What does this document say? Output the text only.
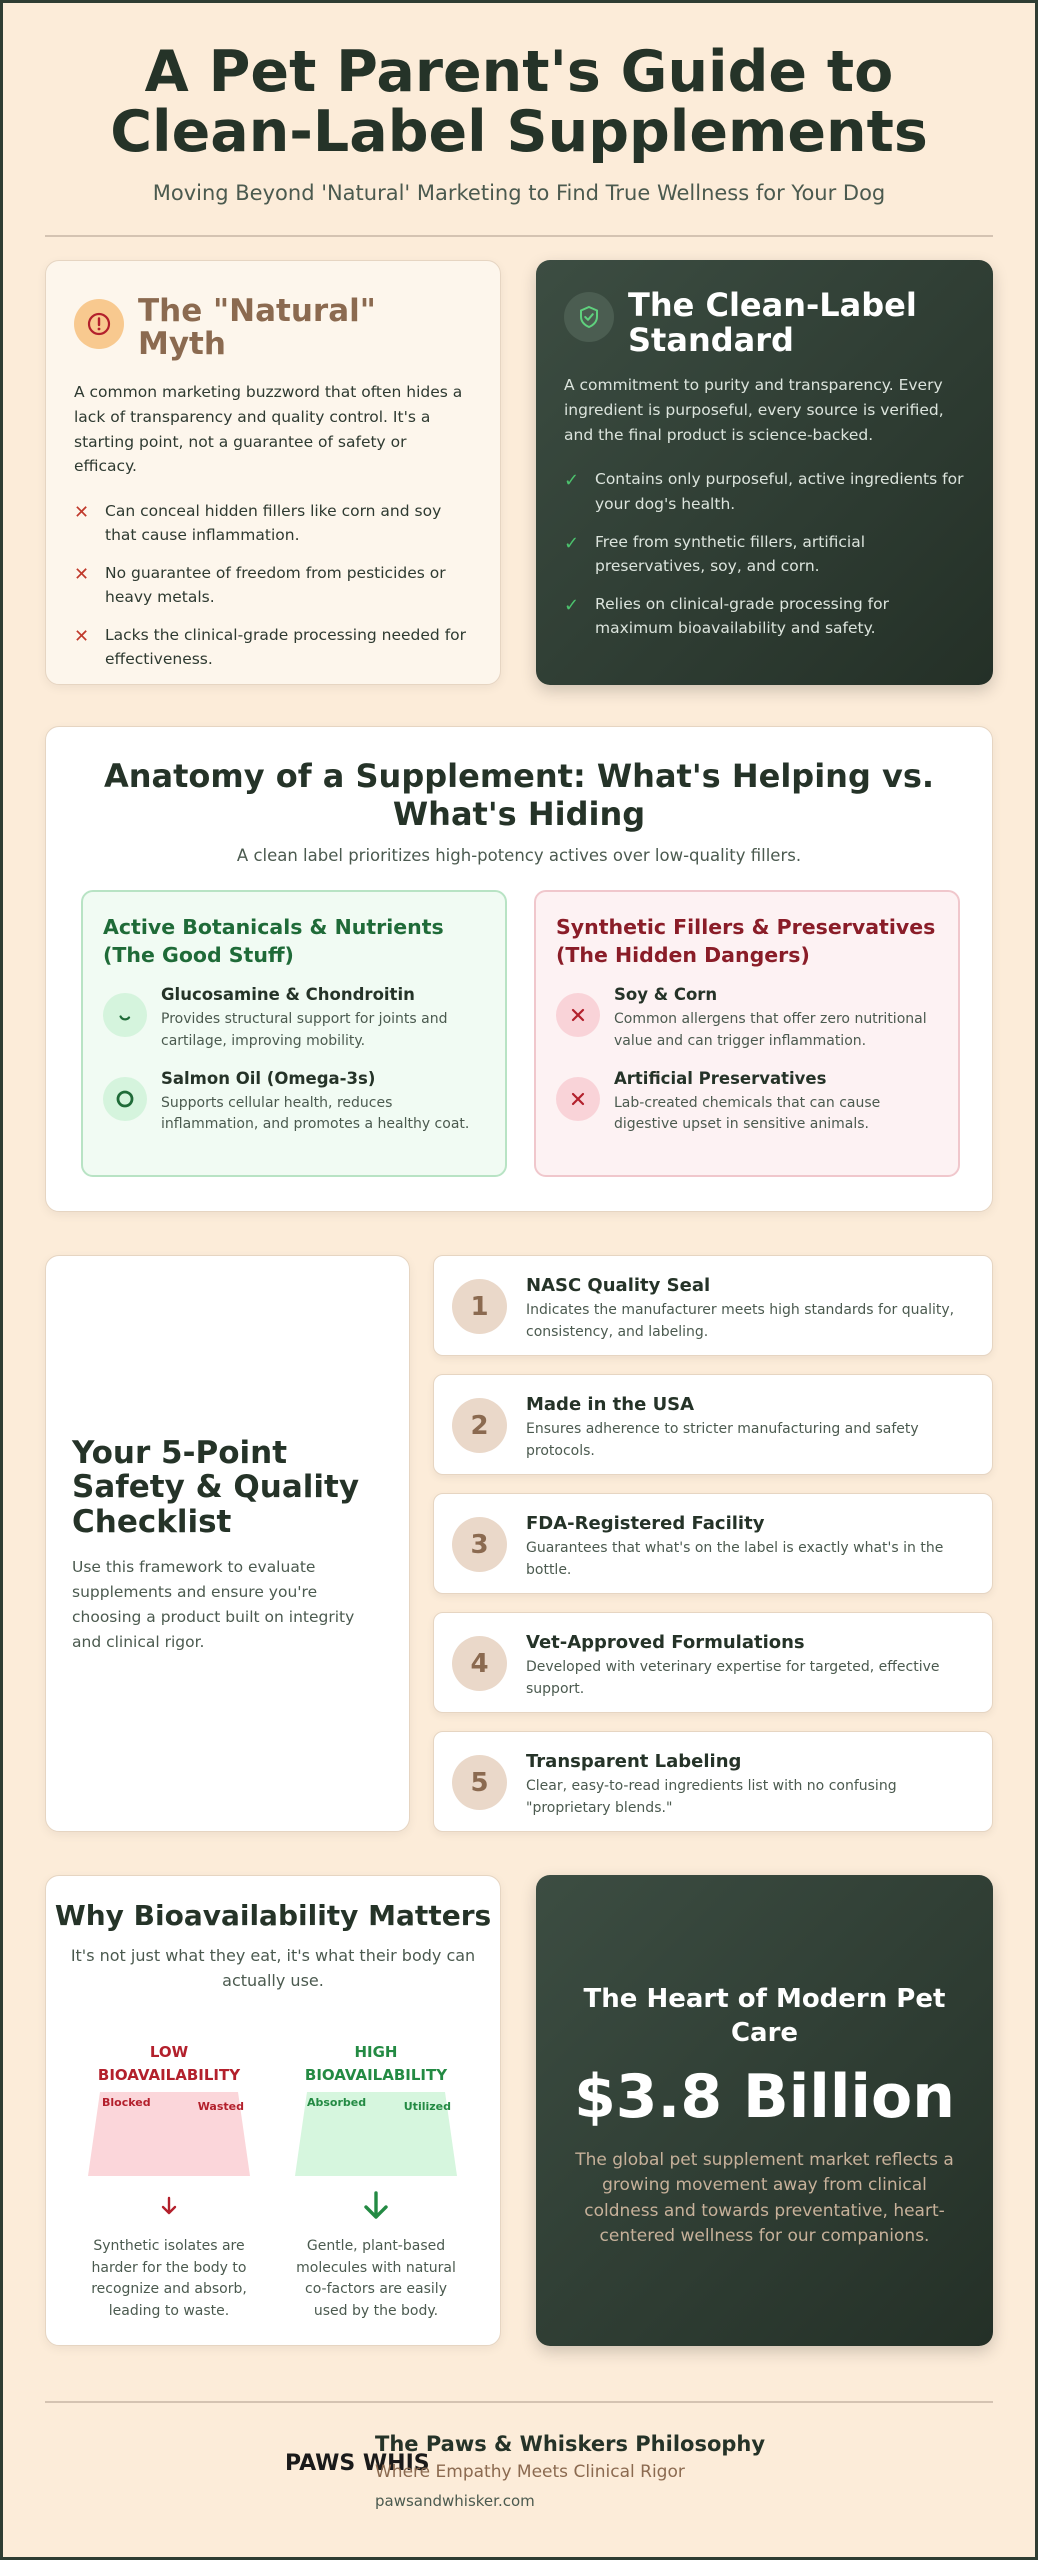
A Pet Parent's Guide to Clean-Label Supplements
Moving Beyond 'Natural' Marketing to Find True Wellness for Your Dog
The "Natural" Myth

A common marketing buzzword that often hides a lack of transparency and quality control. It's a starting point, not a guarantee of safety or efficacy.

✕	Can conceal hidden fillers like corn and soy that cause inflammation.
✕	No guarantee of freedom from pesticides or heavy metals.
✕	Lacks the clinical-grade processing needed for effectiveness.
The Clean-Label Standard

A commitment to purity and transparency. Every ingredient is purposeful, every source is verified, and the final product is science-backed.

✓	Contains only purposeful, active ingredients for your dog's health.
✓	Free from synthetic fillers, artificial preservatives, soy, and corn.
✓	Relies on clinical-grade processing for maximum bioavailability and safety.
Anatomy of a Supplement: What's Helping vs. What's Hiding
A clean label prioritizes high-potency actives over low-quality fillers.
Active Botanicals & Nutrients (The Good Stuff)
Glucosamine & Chondroitin
Provides structural support for joints and cartilage, improving mobility.
Salmon Oil (Omega-3s)
Supports cellular health, reduces inflammation, and promotes a healthy coat.
Synthetic Fillers & Preservatives (The Hidden Dangers)
Soy & Corn
Common allergens that offer zero nutritional value and can trigger inflammation.
Artificial Preservatives
Lab-created chemicals that can cause digestive upset in sensitive animals.
Your 5-Point Safety & Quality Checklist

Use this framework to evaluate supplements and ensure you're choosing a product built on integrity and clinical rigor.

1
NASC Quality Seal
Indicates the manufacturer meets high standards for quality, consistency, and labeling.
2
Made in the USA
Ensures adherence to stricter manufacturing and safety protocols.
3
FDA-Registered Facility
Guarantees that what's on the label is exactly what's in the bottle.
4
Vet-Approved Formulations
Developed with veterinary expertise for targeted, effective support.
5
Transparent Labeling
Clear, easy-to-read ingredients list with no confusing "proprietary blends."
Why Bioavailability Matters
It's not just what they eat, it's what their body can actually use.
LOW BIOAVAILABILITY
Blocked	Wasted
Synthetic isolates are harder for the body to recognize and absorb, leading to waste.
HIGH BIOAVAILABILITY
Absorbed	Utilized
Gentle, plant-based molecules with natural co-factors are easily used by the body.
The Heart of Modern Pet Care
$3.8 Billion

The global pet supplement market reflects a growing movement away from clinical coldness and towards preventative, heart-centered wellness for our companions.

PAWS WHIS
The Paws & Whiskers Philosophy
Where Empathy Meets Clinical Rigor
pawsandwhisker.com
